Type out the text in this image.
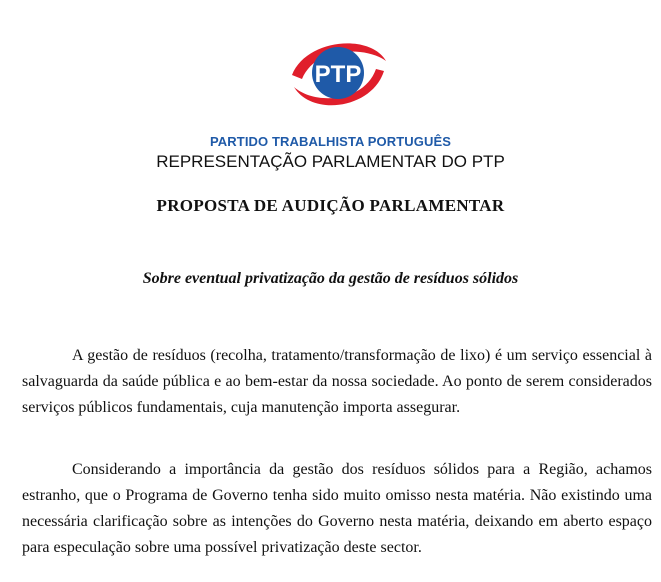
PTP
PARTIDO TRABALHISTA PORTUGUÊS
REPRESENTAÇÃO PARLAMENTAR DO PTP
PROPOSTA DE AUDIÇÃO PARLAMENTAR
Sobre eventual privatização da gestão de resíduos sólidos

A gestão de resíduos (recolha, tratamento/transformação de lixo) é um serviço essencial à salvaguarda da saúde pública e ao bem-estar da nossa sociedade. Ao ponto de serem considerados serviços públicos fundamentais, cuja manutenção importa assegurar.

Considerando a importância da gestão dos resíduos sólidos para a Região, achamos estranho, que o Programa de Governo tenha sido muito omisso nesta matéria. Não existindo uma necessária clarificação sobre as intenções do Governo nesta matéria, deixando em aberto espaço para especulação sobre uma possível privatização deste sector.
